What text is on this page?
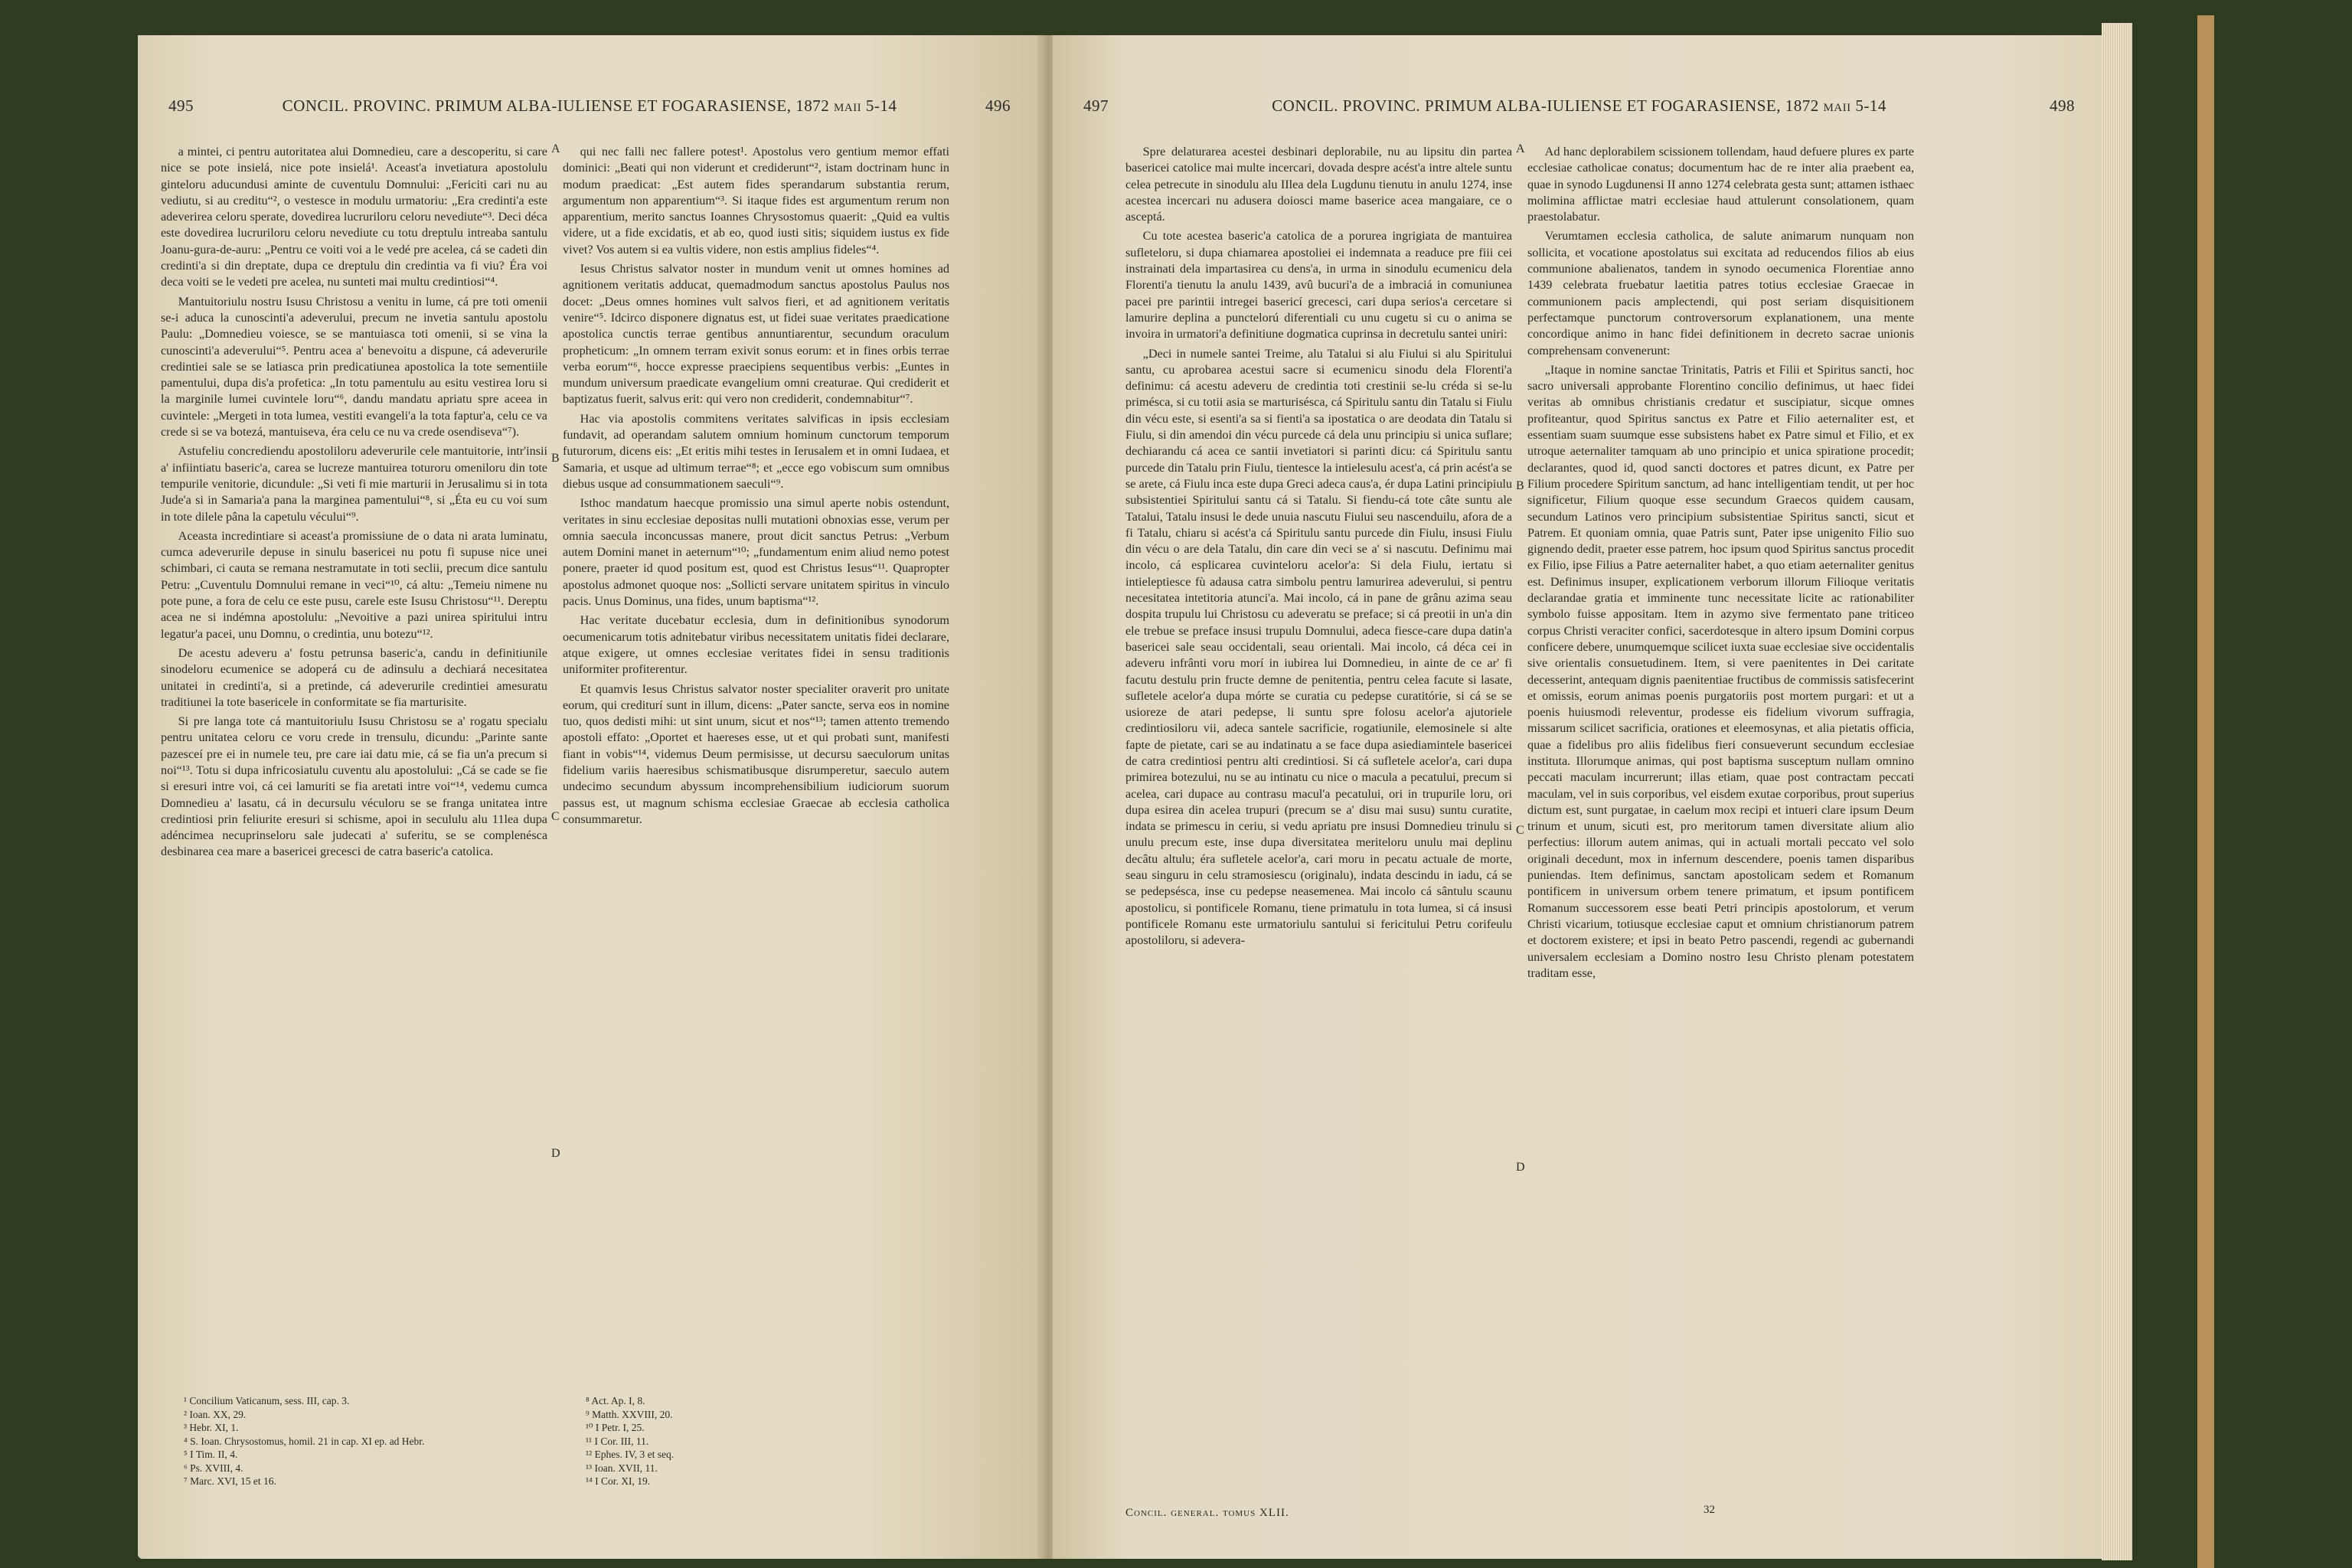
495	CONCIL. PROVINC. PRIMUM ALBA-IULIENSE ET FOGARASIENSE, 1872 maii 5-14	496

a mintei, ci pentru autoritatea alui Domnedieu, care a descoperitu, si care nice se pote insielá, nice pote insielá¹. Aceast'a invetiatura apostolulu ginteloru aducundusi aminte de cuventulu Domnului: „Fericiti cari nu au vediutu, si au creditu“², o vestesce in modulu urmatoriu: „Era credinti'a este adeverirea celoru sperate, dovedirea lucruriloru celoru nevediute“³. Deci déca este dovedirea lucruriloru celoru nevediute cu totu dreptulu intreaba santulu Joanu-gura-de-auru: „Pentru ce voiti voi a le vedé pre acelea, cá se cadeti din credinti'a si din dreptate, dupa ce dreptulu din credintia va fi viu? Éra voi deca voiti se le vedeti pre acelea, nu sunteti mai multu credintiosi“⁴.

Mantuitoriulu nostru Isusu Christosu a venitu in lume, cá pre toti omenii se-i aduca la cunoscinti'a adeverului, precum ne invetia santulu apostolu Paulu: „Domnedieu voiesce, se se mantuiasca toti omenii, si se vina la cunoscinti'a adeverului“⁵. Pentru acea a' benevoitu a dispune, cá adeverurile credintiei sale se se latiasca prin predicatiunea apostolica la tote sementiile pamentului, dupa dis'a profetica: „In totu pamentulu au esitu vestirea loru si la marginile lumei cuvintele loru“⁶, dandu mandatu apriatu spre aceea in cuvintele: „Mergeti in tota lumea, vestiti evangeli'a la tota faptur'a, celu ce va crede si se va botezá, mantuiseva, éra celu ce nu va crede osendiseva“⁷).

Astufeliu concrediendu apostoliloru adeverurile cele mantuitorie, intr'insii a' infiintiatu baseric'a, carea se lucreze mantuirea toturoru omeniloru din tote tempurile venitorie, dicundule: „Si veti fi mie marturii in Jerusalimu si in tota Jude'a si in Samaria'a pana la marginea pamentului“⁸, si „Éta eu cu voi sum in tote dilele pâna la capetulu vécului“⁹.

Aceasta incredintiare si aceast'a promissiune de o data ni arata luminatu, cumca adeverurile depuse in sinulu basericei nu potu fi supuse nice unei schimbari, ci cauta se remana nestramutate in toti seclii, precum dice santulu Petru: „Cuventulu Domnului remane in veci“¹⁰, cá altu: „Temeiu nimene nu pote pune, a fora de celu ce este pusu, carele este Isusu Christosu“¹¹. Dereptu acea ne si indémna apostolulu: „Nevoitive a pazi unirea spiritului intru legatur'a pacei, unu Domnu, o credintia, unu botezu“¹².

De acestu adeveru a' fostu petrunsa baseric'a, candu in definitiunile sinodeloru ecumenice se adoperá cu de adinsulu a dechiará necesitatea unitatei in credinti'a, si a pretinde, cá adeverurile credintiei amesuratu traditiunei la tote basericele in conformitate se fia marturisite.

Si pre langa tote cá mantuitoriulu Isusu Christosu se a' rogatu specialu pentru unitatea celoru ce voru crede in trensulu, dicundu: „Parinte sante pazesceí pre ei in numele teu, pre care iai datu mie, cá se fia un'a precum si noi“¹³. Totu si dupa infricosiatulu cuventu alu apostolului: „Cá se cade se fie si eresuri intre voi, cá cei lamuriti se fia aretati intre voi“¹⁴, vedemu cumca Domnedieu a' lasatu, cá in decursulu véculoru se se franga unitatea intre credintiosi prin feliurite eresuri si schisme, apoi in secululu alu 11lea dupa adéncimea necuprinseloru sale judecati a' suferitu, se se complenésca desbinarea cea mare a basericei grecesci de catra baseric'a catolica.

qui nec falli nec fallere potest¹. Apostolus vero gentium memor effati dominici: „Beati qui non viderunt et crediderunt“², istam doctrinam hunc in modum praedicat: „Est autem fides sperandarum substantia rerum, argumentum non apparentium“³. Si itaque fides est argumentum rerum non apparentium, merito sanctus Ioannes Chrysostomus quaerit: „Quid ea vultis videre, ut a fide excidatis, et ab eo, quod iusti sitis; siquidem iustus ex fide vivet? Vos autem si ea vultis videre, non estis amplius fideles“⁴.

Iesus Christus salvator noster in mundum venit ut omnes homines ad agnitionem veritatis adducat, quemadmodum sanctus apostolus Paulus nos docet: „Deus omnes homines vult salvos fieri, et ad agnitionem veritatis venire“⁵. Idcirco disponere dignatus est, ut fidei suae veritates praedicatione apostolica cunctis terrae gentibus annuntiarentur, secundum oraculum propheticum: „In omnem terram exivit sonus eorum: et in fines orbis terrae verba eorum“⁶, hocce expresse praecipiens sequentibus verbis: „Euntes in mundum universum praedicate evangelium omni creaturae. Qui crediderit et baptizatus fuerit, salvus erit: qui vero non crediderit, condemnabitur“⁷.

Hac via apostolis commitens veritates salvificas in ipsis ecclesiam fundavit, ad operandam salutem omnium hominum cunctorum temporum futurorum, dicens eis: „Et eritis mihi testes in Ierusalem et in omni Iudaea, et Samaria, et usque ad ultimum terrae“⁸; et „ecce ego vobiscum sum omnibus diebus usque ad consummationem saeculi“⁹.

Isthoc mandatum haecque promissio una simul aperte nobis ostendunt, veritates in sinu ecclesiae depositas nulli mutationi obnoxias esse, verum per omnia saecula inconcussas manere, prout dicit sanctus Petrus: „Verbum autem Domini manet in aeternum“¹⁰; „fundamentum enim aliud nemo potest ponere, praeter id quod positum est, quod est Christus Iesus“¹¹. Quapropter apostolus admonet quoque nos: „Sollicti servare unitatem spiritus in vinculo pacis. Unus Dominus, una fides, unum baptisma“¹².

Hac veritate ducebatur ecclesia, dum in definitionibus synodorum oecumenicarum totis adnitebatur viribus necessitatem unitatis fidei declarare, atque exigere, ut omnes ecclesiae veritates fidei in sensu traditionis uniformiter profiterentur.

Et quamvis Iesus Christus salvator noster specialiter oraverit pro unitate eorum, qui crediturí sunt in illum, dicens: „Pater sancte, serva eos in nomine tuo, quos dedisti mihi: ut sint unum, sicut et nos“¹³; tamen attento tremendo apostoli effato: „Oportet et haereses esse, ut et qui probati sunt, manifesti fiant in vobis“¹⁴, videmus Deum permisisse, ut decursu saeculorum unitas fidelium variis haeresibus schismatibusque disrumperetur, saeculo autem undecimo secundum abyssum incomprehensibilium iudiciorum suorum passus est, ut magnum schisma ecclesiae Graecae ab ecclesia catholica consummaretur.

A
B
C
D
¹ Concilium Vaticanum, sess. III, cap. 3.
² Ioan. XX, 29.
³ Hebr. XI, 1.
⁴ S. Ioan. Chrysostomus, homil. 21 in cap. XI ep. ad Hebr.
⁵ I Tim. II, 4.
⁶ Ps. XVIII, 4.
⁷ Marc. XVI, 15 et 16.
⁸ Act. Ap. I, 8.
⁹ Matth. XXVIII, 20.
¹⁰ I Petr. I, 25.
¹¹ I Cor. III, 11.
¹² Ephes. IV, 3 et seq.
¹³ Ioan. XVII, 11.
¹⁴ I Cor. XI, 19.
497	CONCIL. PROVINC. PRIMUM ALBA-IULIENSE ET FOGARASIENSE, 1872 maii 5-14	498

Spre delaturarea acestei desbinari deplorabile, nu au lipsitu din partea basericei catolice mai multe incercari, dovada despre acést'a intre altele suntu celea petrecute in sinodulu alu IIlea dela Lugdunu tienutu in anulu 1274, inse acestea incercari nu adusera doiosci mame baserice acea mangaiare, ce o asceptá.

Cu tote acestea baseric'a catolica de a porurea ingrigiata de mantuirea sufleteloru, si dupa chiamarea apostoliei ei indemnata a readuce pre fiii cei instrainati dela impartasirea cu dens'a, in urma in sinodulu ecumenicu dela Florenti'a tienutu la anulu 1439, avû bucuri'a de a imbraciá in comuniunea pacei pre parintii intregei basericí grecesci, cari dupa serios'a cercetare si lamurire deplina a punctelorú diferentiali cu unu cugetu si cu o anima se invoira in urmatori'a definitiune dogmatica cuprinsa in decretulu santei uniri:

„Deci in numele santei Treime, alu Tatalui si alu Fiului si alu Spiritului santu, cu aprobarea acestui sacre si ecumenicu sinodu dela Florenti'a definimu: cá acestu adeveru de credintia toti crestinii se-lu créda si se-lu priméscа, si cu totii asia se marturiséscа, cá Spiritulu santu din Tatalu si Fiulu din vécu este, si esenti'a sa si fienti'a sa ipostatica o are deodata din Tatalu si Fiulu, si din amendoi din vécu purcede cá dela unu principiu si unica suflare; dechiarandu cá acea ce santii invetiatori si parinti dicu: cá Spiritulu santu purcede din Tatalu prin Fiulu, tientesce la intielesulu acest'a, cá prin acést'a se se arete, cá Fiulu inca este dupa Greci adeca caus'a, ér dupa Latini principiulu subsistentiei Spiritului santu cá si Tatalu. Si fiendu-cá tote câte suntu ale Tatalui, Tatalu insusi le dede unuia nascutu Fiului seu nascenduilu, afora de a fi Tatalu, chiaru si acést'a cá Spiritulu santu purcede din Fiulu, insusi Fiulu din vécu o are dela Tatalu, din care din veci se a' si nascutu. Definimu mai incolo, cá esplicarea cuvinteloru acelor'a: Si dela Fiulu, iertatu si intieleptiesce fù adausa catra simbolu pentru lamurirea adeverului, si pentru necesitatea intetitoria atunci'a. Mai incolo, cá in pane de grânu azima seau dospita trupulu lui Christosu cu adeveratu se preface; si cá preotii in un'a din ele trebue se preface insusi trupulu Domnului, adeca fiesce-care dupa datin'a basericei sale seau occidentali, seau orientali. Mai incolo, cá déca cei in adeveru infrânti voru morí in iubirea lui Domnedieu, in ainte de ce ar' fi facutu destulu prin fructe demne de penitentia, pentru celea facute si lasate, sufletele acelor'a dupa mórte se curatia cu pedepse curatitórie, si cá se se usioreze de atari pedepse, li suntu spre folosu acelor'a ajutoriele credintiosiloru vii, adeca santele sacrificie, rogatiunile, elemosinele si alte fapte de pietate, cari se au indatinatu a se face dupa asiediamintele basericei de catra credintiosi pentru alti credintiosi. Si cá sufletele acelor'a, cari dupa primirea botezului, nu se au intinatu cu nice o macula a pecatului, precum si acelea, cari dupace au contrasu macul'a pecatului, ori in trupurile loru, ori dupa esirea din acelea trupuri (precum se a' disu mai susu) suntu curatite, indata se primescu in ceriu, si vedu apriatu pre insusi Domnedieu trinulu si unulu precum este, inse dupa diversitatea meriteloru unulu mai deplinu decâtu altulu; éra sufletele acelor'a, cari moru in pecatu actuale de morte, seau singuru in celu stramosiescu (originalu), indata descindu in iadu, cá se se pedepséscа, inse cu pedepse neasemenea. Mai incolo cá sântulu scaunu apostolicu, si pontificele Romanu, tiene primatulu in tota lumea, si cá insusi pontificele Romanu este urmatoriulu santului si fericitului Petru corifeulu apostoliloru, si adevera-

Ad hanc deplorabilem scissionem tollendam, haud defuere plures ex parte ecclesiae catholicae conatus; documentum hac de re inter alia praebent ea, quae in synodo Lugdunensi II anno 1274 celebrata gesta sunt; attamen isthaec molimina afflictae matri ecclesiae haud attulerunt consolationem, quam praestolabatur.

Verumtamen ecclesia catholica, de salute animarum nunquam non sollicita, et vocatione apostolatus sui excitata ad reducendos filios ab eius communione abalienatos, tandem in synodo oecumenica Florentiae anno 1439 celebrata fruebatur laetitia patres totius ecclesiae Graecae in communionem pacis amplectendi, qui post seriam disquisitionem perfectamque punctorum controversorum explanationem, una mente concordique animo in hanc fidei definitionem in decreto sacrae unionis comprehensam convenerunt:

„Itaque in nomine sanctae Trinitatis, Patris et Filii et Spiritus sancti, hoc sacro universali approbante Florentino concilio definimus, ut haec fidei veritas ab omnibus christianis credatur et suscipiatur, sicque omnes profiteantur, quod Spiritus sanctus ex Patre et Filio aeternaliter est, et essentiam suam suumque esse subsistens habet ex Patre simul et Filio, et ex utroque aeternaliter tamquam ab uno principio et unica spiratione procedit; declarantes, quod id, quod sancti doctores et patres dicunt, ex Patre per Filium procedere Spiritum sanctum, ad hanc intelligentiam tendit, ut per hoc significetur, Filium quoque esse secundum Graecos quidem causam, secundum Latinos vero principium subsistentiae Spiritus sancti, sicut et Patrem. Et quoniam omnia, quae Patris sunt, Pater ipse unigenito Filio suo gignendo dedit, praeter esse patrem, hoc ipsum quod Spiritus sanctus procedit ex Filio, ipse Filius a Patre aeternaliter habet, a quo etiam aeternaliter genitus est. Definimus insuper, explicationem verborum illorum Filioque veritatis declarandae gratia et imminente tunc necessitate licite ac rationabiliter symbolo fuisse appositam. Item in azymo sive fermentato pane triticeo corpus Christi veraciter confici, sacerdotesque in altero ipsum Domini corpus conficere debere, unumquemque scilicet iuxta suae ecclesiae sive occidentalis sive orientalis consuetudinem. Item, si vere paenitentes in Dei caritate decesserint, antequam dignis paenitentiae fructibus de commissis satisfecerint et omissis, eorum animas poenis purgatoriis post mortem purgari: et ut a poenis huiusmodi releventur, prodesse eis fidelium vivorum suffragia, missarum scilicet sacrificia, orationes et eleemosynas, et alia pietatis officia, quae a fidelibus pro aliis fidelibus fieri consueverunt secundum ecclesiae instituta. Illorumque animas, qui post baptisma susceptum nullam omnino peccati maculam incurrerunt; illas etiam, quae post contractam peccati maculam, vel in suis corporibus, vel eisdem exutae corporibus, prout superius dictum est, sunt purgatae, in caelum mox recipi et intueri clare ipsum Deum trinum et unum, sicuti est, pro meritorum tamen diversitate alium alio perfectius: illorum autem animas, qui in actuali mortali peccato vel solo originali decedunt, mox in infernum descendere, poenis tamen disparibus puniendas. Item definimus, sanctam apostolicam sedem et Romanum pontificem in universum orbem tenere primatum, et ipsum pontificem Romanum successorem esse beati Petri principis apostolorum, et verum Christi vicarium, totiusque ecclesiae caput et omnium christianorum patrem et doctorem existere; et ipsi in beato Petro pascendi, regendi ac gubernandi universalem ecclesiam a Domino nostro Iesu Christo plenam potestatem traditam esse,

A
B
C
D
Concil. general. tomus XLII.	32
